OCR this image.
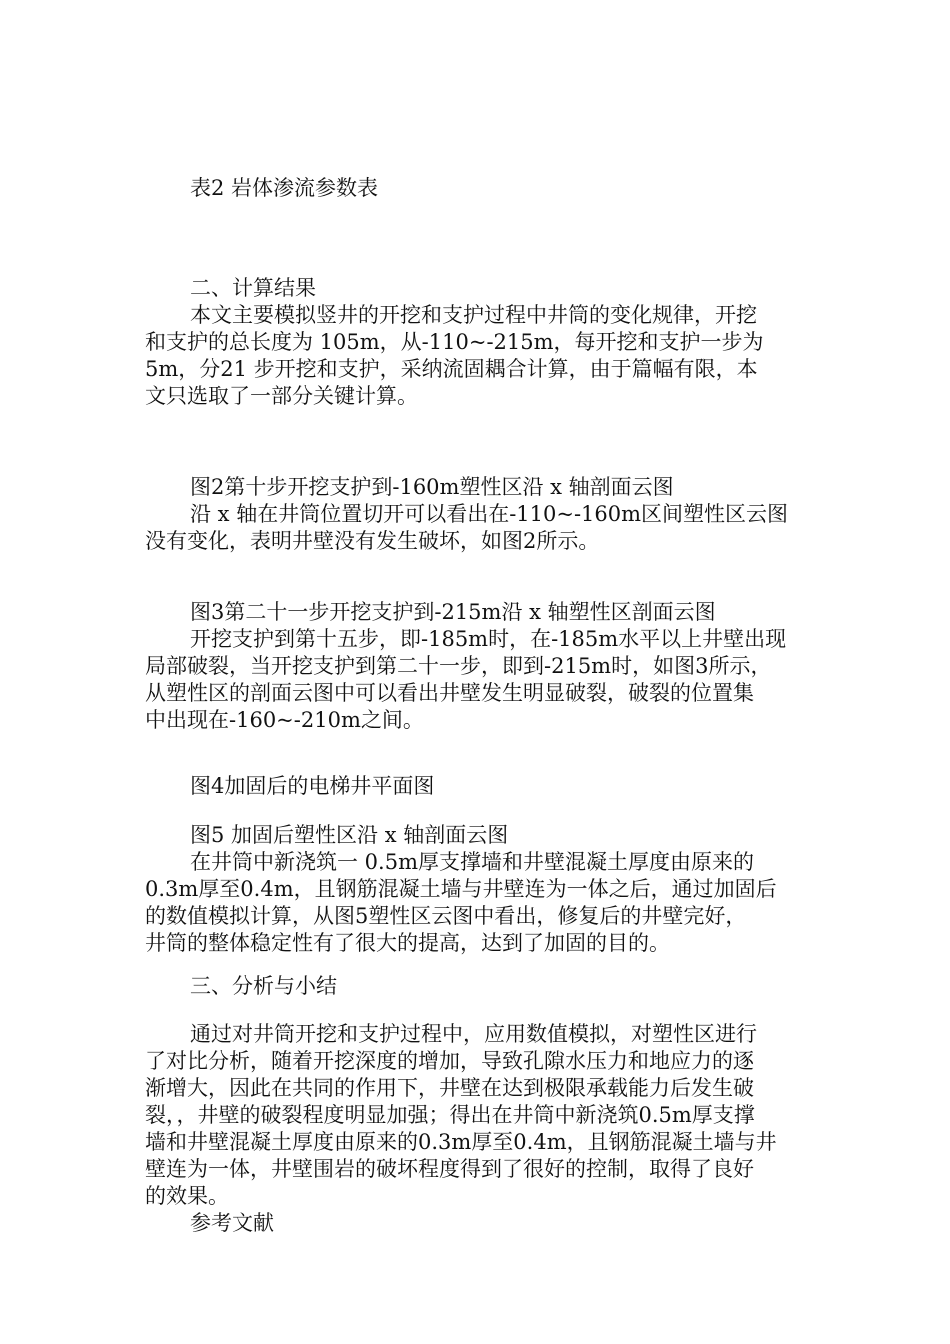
表2 岩体渗流参数表
二、计算结果
本文主要模拟竖井的开挖和支护过程中井筒的变化规律，开挖
和支护的总长度为 105m，从-110~-215m，每开挖和支护一步为
5m，分21 步开挖和支护，采纳流固耦合计算，由于篇幅有限，本
文只选取了一部分关键计算。
图2第十步开挖支护到-160m塑性区沿 x 轴剖面云图
沿 x 轴在井筒位置切开可以看出在-110~-160m区间塑性区云图
没有变化，表明井壁没有发生破坏，如图2所示。
图3第二十一步开挖支护到-215m沿 x 轴塑性区剖面云图
开挖支护到第十五步，即-185m时，在-185m水平以上井壁出现
局部破裂，当开挖支护到第二十一步，即到-215m时，如图3所示，
从塑性区的剖面云图中可以看出井壁发生明显破裂，破裂的位置集
中出现在-160~-210m之间。
图4加固后的电梯井平面图
图5 加固后塑性区沿 x 轴剖面云图
在井筒中新浇筑一 0.5m厚支撑墙和井壁混凝土厚度由原来的
0.3m厚至0.4m，且钢筋混凝土墙与井壁连为一体之后，通过加固后
的数值模拟计算，从图5塑性区云图中看出，修复后的井壁完好，
井筒的整体稳定性有了很大的提高，达到了加固的目的。
三、分析与小结
通过对井筒开挖和支护过程中，应用数值模拟，对塑性区进行
了对比分析，随着开挖深度的增加，导致孔隙水压力和地应力的逐
渐增大，因此在共同的作用下，井壁在达到极限承载能力后发生破
裂，，井壁的破裂程度明显加强；得出在井筒中新浇筑0.5m厚支撑
墙和井壁混凝土厚度由原来的0.3m厚至0.4m，且钢筋混凝土墙与井
壁连为一体，井壁围岩的破坏程度得到了很好的控制，取得了良好
的效果。
参考文献
